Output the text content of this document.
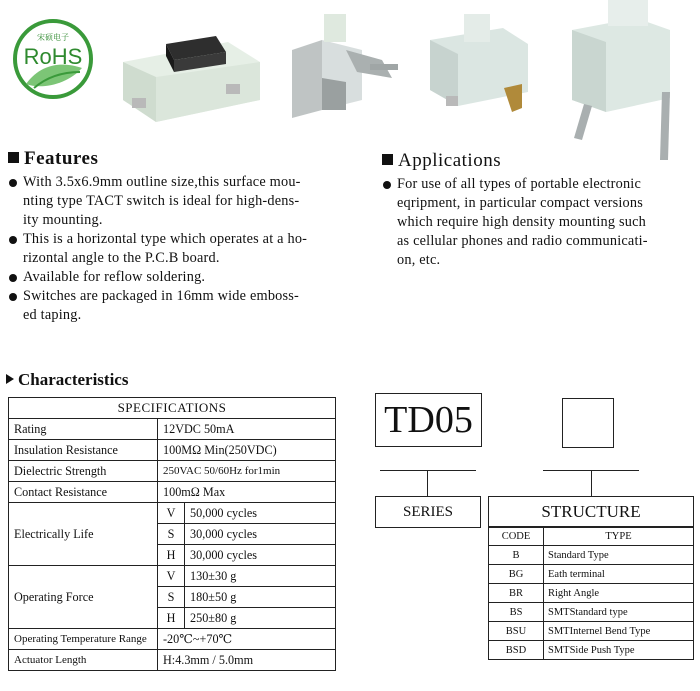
宋硕电子
RoHS
Features
With 3.5x6.9mm outline size,this surface mou-
nting type TACT switch is ideal for high-dens-
ity mounting.
This is a horizontal type which operates at a ho-
rizontal angle to the P.C.B board.
Available for reflow soldering.
Switches are packaged in 16mm wide emboss-
ed taping.
Applications
For use of all types of portable electronic
eqripment, in particular compact versions
which require high density mounting such
as cellular phones and radio communicati-
on, etc.
Characteristics
SPECIFICATIONS		
Rating	12VDC 50mA	
Insulation Resistance	100MΩ Min(250VDC)	
Dielectric Strength	250VAC 50/60Hz for1min	
Contact Resistance	100mΩ Max	
Electrically Life	V	50,000 cycles
	S	30,000 cycles
	H	30,000 cycles
Operating Force	V	130±30 g
	S	180±50 g
	H	250±80 g
Operating Temperature Range	-20℃~+70℃	
Actuator Length	H:4.3mm / 5.0mm	
TD05
SERIES	STRUCTURE
CODE	TYPE
B	Standard Type
BG	Eath terminal
BR	Right Angle
BS	SMTStandard type
BSU	SMTInternel Bend Type
BSD	SMTSide Push Type
